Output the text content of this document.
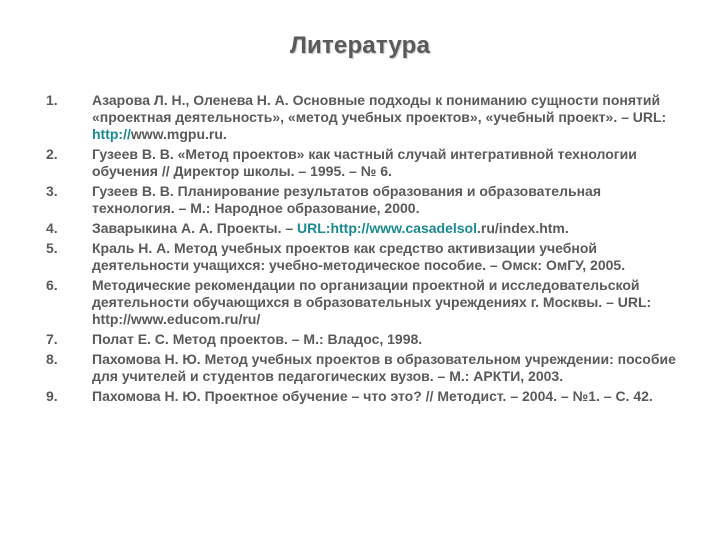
Литература
1.	Азарова Л. Н., Оленева Н. А. Основные подходы к пониманию сущности понятий «проектная деятельность», «метод учебных проектов», «учебный проект». – URL: http://www.mgpu.ru.
2.	Гузеев В. В. «Метод проектов» как частный случай интегративной технологии обучения // Директор школы. – 1995. – № 6.
3.	Гузеев В. В. Планирование результатов образования и образовательная технология. – М.: Народное образование, 2000.
4.	Заварыкина А. А. Проекты. – URL:http://www.casadelsol.ru/index.htm.
5.	Краль Н. А. Метод учебных проектов как средство активизации учебной деятельности учащихся: учебно-методическое пособие. – Омск: ОмГУ, 2005.
6.	Методические рекомендации по организации проектной и исследовательской деятельности обучающихся в образовательных учреждениях г. Москвы. – URL: http://www.educom.ru/ru/
7.	Полат Е. С. Метод проектов. – М.: Владос, 1998.
8.	Пахомова Н. Ю. Метод учебных проектов в образовательном учреждении: пособие для учителей и студентов педагогических вузов. – М.: АРКТИ, 2003.
9.	Пахомова Н. Ю. Проектное обучение – что это? // Методист. – 2004. – №1. – С. 42.
